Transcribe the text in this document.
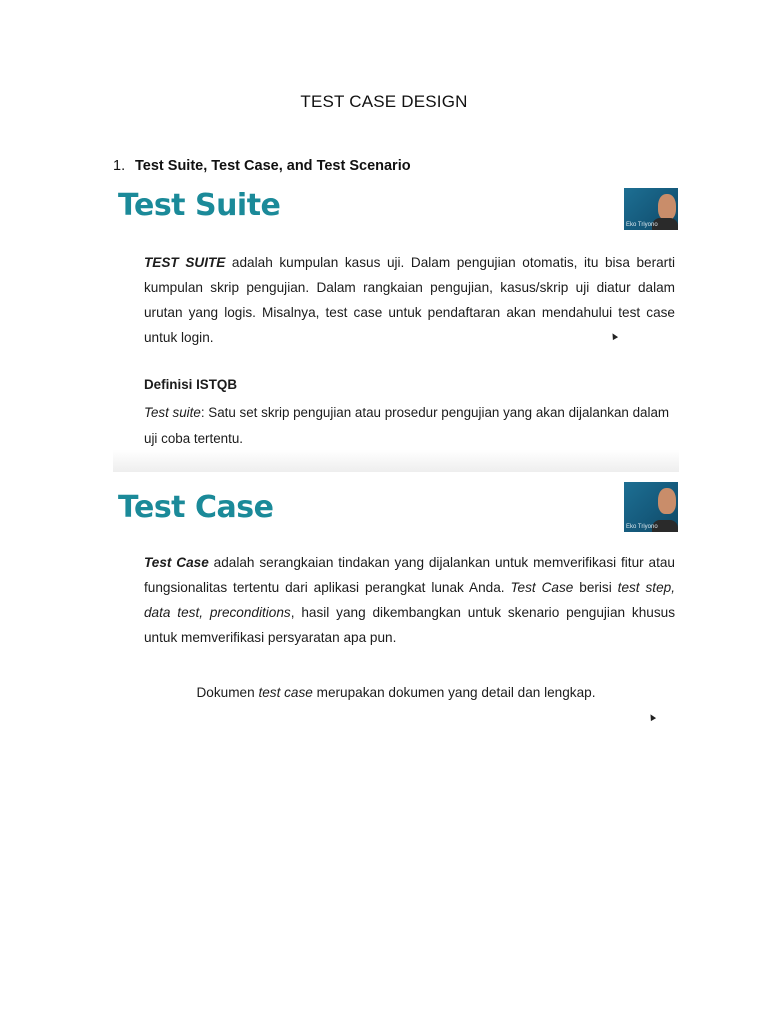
TEST CASE DESIGN
1. Test Suite, Test Case, and Test Scenario
Test Suite
Eko Triyono
TEST SUITE adalah kumpulan kasus uji. Dalam pengujian otomatis, itu bisa berarti kumpulan skrip pengujian. Dalam rangkaian pengujian, kasus/skrip uji diatur dalam urutan yang logis. Misalnya, test case untuk pendaftaran akan mendahului test case untuk login.
Definisi ISTQB
Test suite: Satu set skrip pengujian atau prosedur pengujian yang akan dijalankan dalam uji coba tertentu.
Test Case
Eko Triyono
Test Case adalah serangkaian tindakan yang dijalankan untuk memverifikasi fitur atau fungsionalitas tertentu dari aplikasi perangkat lunak Anda. Test Case berisi test step, data test, preconditions, hasil yang dikembangkan untuk skenario pengujian khusus untuk memverifikasi persyaratan apa pun.
Dokumen test case merupakan dokumen yang detail dan lengkap.
